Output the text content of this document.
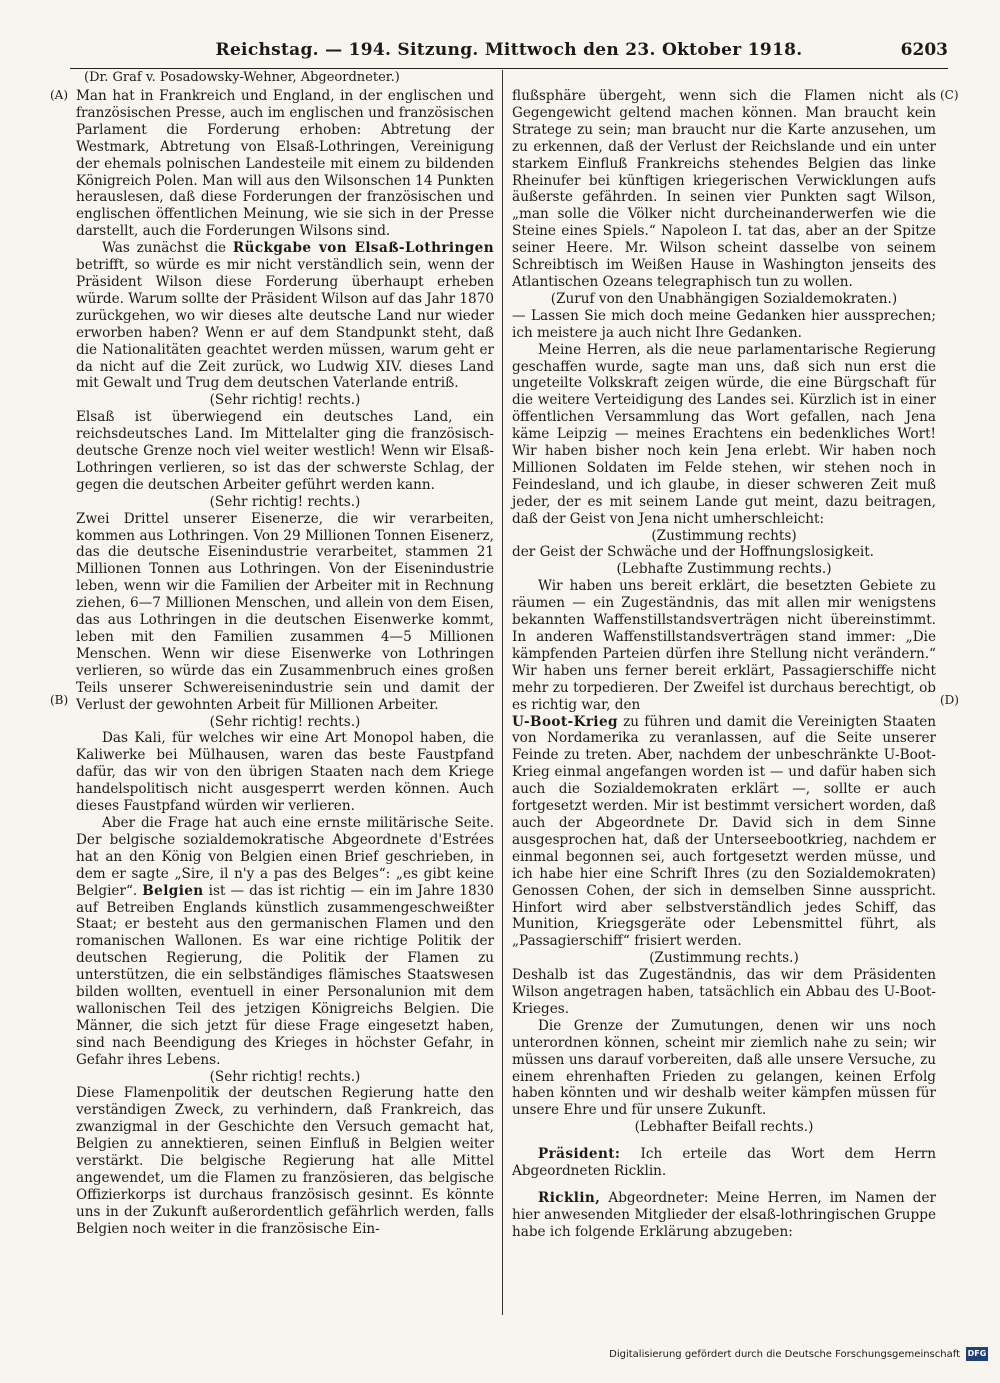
Reichstag. — 194. Sitzung. Mittwoch den 23. Oktober 1918.	6203
(Dr. Graf v. Posadowsky-Wehner, Abgeordneter.)
(A)
(B)
(C)
(D)

Man hat in Frankreich und England, in der englischen und französischen Presse, auch im englischen und französischen Parlament die Forderung erhoben: Abtretung der Westmark, Abtretung von Elsaß-Lothringen, Vereinigung der ehemals polnischen Landesteile mit einem zu bildenden Königreich Polen. Man will aus den Wilsonschen 14 Punkten herauslesen, daß diese Forderungen der französischen und englischen öffentlichen Meinung, wie sie sich in der Presse darstellt, auch die Forderungen Wilsons sind.

Was zunächst die Rückgabe von Elsaß-Lothringen betrifft, so würde es mir nicht verständlich sein, wenn der Präsident Wilson diese Forderung überhaupt erheben würde. Warum sollte der Präsident Wilson auf das Jahr 1870 zurückgehen, wo wir dieses alte deutsche Land nur wieder erworben haben? Wenn er auf dem Standpunkt steht, daß die Nationalitäten geachtet werden müssen, warum geht er da nicht auf die Zeit zurück, wo Ludwig XIV. dieses Land mit Gewalt und Trug dem deutschen Vaterlande entriß.

(Sehr richtig! rechts.)

Elsaß ist überwiegend ein deutsches Land, ein reichsdeutsches Land. Im Mittelalter ging die französisch-deutsche Grenze noch viel weiter westlich! Wenn wir Elsaß-Lothringen verlieren, so ist das der schwerste Schlag, der gegen die deutschen Arbeiter geführt werden kann.

(Sehr richtig! rechts.)

Zwei Drittel unserer Eisenerze, die wir verarbeiten, kommen aus Lothringen. Von 29 Millionen Tonnen Eisenerz, das die deutsche Eisenindustrie verarbeitet, stammen 21 Millionen Tonnen aus Lothringen. Von der Eisenindustrie leben, wenn wir die Familien der Arbeiter mit in Rechnung ziehen, 6—7 Millionen Menschen, und allein von dem Eisen, das aus Lothringen in die deutschen Eisenwerke kommt, leben mit den Familien zusammen 4—5 Millionen Menschen. Wenn wir diese Eisenwerke von Lothringen verlieren, so würde das ein Zusammenbruch eines großen Teils unserer Schwereisenindustrie sein und damit der Verlust der gewohnten Arbeit für Millionen Arbeiter.

(Sehr richtig! rechts.)

Das Kali, für welches wir eine Art Monopol haben, die Kaliwerke bei Mülhausen, waren das beste Faustpfand dafür, das wir von den übrigen Staaten nach dem Kriege handelspolitisch nicht ausgesperrt werden können. Auch dieses Faustpfand würden wir verlieren.

Aber die Frage hat auch eine ernste militärische Seite. Der belgische sozialdemokratische Abgeordnete d'Estrées hat an den König von Belgien einen Brief geschrieben, in dem er sagte „Sire, il n'y a pas des Belges“: „es gibt keine Belgier“. Belgien ist — das ist richtig — ein im Jahre 1830 auf Betreiben Englands künstlich zusammengeschweißter Staat; er besteht aus den germanischen Flamen und den romanischen Wallonen. Es war eine richtige Politik der deutschen Regierung, die Politik der Flamen zu unterstützen, die ein selbständiges flämisches Staatswesen bilden wollten, eventuell in einer Personalunion mit dem wallonischen Teil des jetzigen Königreichs Belgien. Die Männer, die sich jetzt für diese Frage eingesetzt haben, sind nach Beendigung des Krieges in höchster Gefahr, in Gefahr ihres Lebens.

(Sehr richtig! rechts.)

Diese Flamenpolitik der deutschen Regierung hatte den verständigen Zweck, zu verhindern, daß Frankreich, das zwanzigmal in der Geschichte den Versuch gemacht hat, Belgien zu annektieren, seinen Einfluß in Belgien weiter verstärkt. Die belgische Regierung hat alle Mittel angewendet, um die Flamen zu französieren, das belgische Offizierkorps ist durchaus französisch gesinnt. Es könnte uns in der Zukunft außerordentlich gefährlich werden, falls Belgien noch weiter in die französische Ein-

flußsphäre übergeht, wenn sich die Flamen nicht als Gegengewicht geltend machen können. Man braucht kein Stratege zu sein; man braucht nur die Karte anzusehen, um zu erkennen, daß der Verlust der Reichslande und ein unter starkem Einfluß Frankreichs stehendes Belgien das linke Rheinufer bei künftigen kriegerischen Verwicklungen aufs äußerste gefährden. In seinen vier Punkten sagt Wilson, „man solle die Völker nicht durcheinanderwerfen wie die Steine eines Spiels.“ Napoleon I. tat das, aber an der Spitze seiner Heere. Mr. Wilson scheint dasselbe von seinem Schreibtisch im Weißen Hause in Washington jenseits des Atlantischen Ozeans telegraphisch tun zu wollen.

(Zuruf von den Unabhängigen Sozialdemokraten.)

— Lassen Sie mich doch meine Gedanken hier aussprechen; ich meistere ja auch nicht Ihre Gedanken.

Meine Herren, als die neue parlamentarische Regierung geschaffen wurde, sagte man uns, daß sich nun erst die ungeteilte Volkskraft zeigen würde, die eine Bürgschaft für die weitere Verteidigung des Landes sei. Kürzlich ist in einer öffentlichen Versammlung das Wort gefallen, nach Jena käme Leipzig — meines Erachtens ein bedenkliches Wort! Wir haben bisher noch kein Jena erlebt. Wir haben noch Millionen Soldaten im Felde stehen, wir stehen noch in Feindesland, und ich glaube, in dieser schweren Zeit muß jeder, der es mit seinem Lande gut meint, dazu beitragen, daß der Geist von Jena nicht umherschleicht:

(Zustimmung rechts)

der Geist der Schwäche und der Hoffnungslosigkeit.

(Lebhafte Zustimmung rechts.)

Wir haben uns bereit erklärt, die besetzten Gebiete zu räumen — ein Zugeständnis, das mit allen mir wenigstens bekannten Waffenstillstandsverträgen nicht übereinstimmt. In anderen Waffenstillstandsverträgen stand immer: „Die kämpfenden Parteien dürfen ihre Stellung nicht verändern.“ Wir haben uns ferner bereit erklärt, Passagierschiffe nicht mehr zu torpedieren. Der Zweifel ist durchaus berechtigt, ob es richtig war, den

U-Boot-Krieg zu führen und damit die Vereinigten Staaten von Nordamerika zu veranlassen, auf die Seite unserer Feinde zu treten. Aber, nachdem der unbeschränkte U-Boot-Krieg einmal angefangen worden ist — und dafür haben sich auch die Sozialdemokraten erklärt —, sollte er auch fortgesetzt werden. Mir ist bestimmt versichert worden, daß auch der Abgeordnete Dr. David sich in dem Sinne ausgesprochen hat, daß der Unterseebootkrieg, nachdem er einmal begonnen sei, auch fortgesetzt werden müsse, und ich habe hier eine Schrift Ihres (zu den Sozialdemokraten) Genossen Cohen, der sich in demselben Sinne ausspricht. Hinfort wird aber selbstverständlich jedes Schiff, das Munition, Kriegsgeräte oder Lebensmittel führt, als „Passagierschiff“ frisiert werden.

(Zustimmung rechts.)

Deshalb ist das Zugeständnis, das wir dem Präsidenten Wilson angetragen haben, tatsächlich ein Abbau des U-Boot-Krieges.

Die Grenze der Zumutungen, denen wir uns noch unterordnen können, scheint mir ziemlich nahe zu sein; wir müssen uns darauf vorbereiten, daß alle unsere Versuche, zu einem ehrenhaften Frieden zu gelangen, keinen Erfolg haben könnten und wir deshalb weiter kämpfen müssen für unsere Ehre und für unsere Zukunft.

(Lebhafter Beifall rechts.)

Präsident: Ich erteile das Wort dem Herrn Abgeordneten Ricklin.

Ricklin, Abgeordneter: Meine Herren, im Namen der hier anwesenden Mitglieder der elsaß-lothringischen Gruppe habe ich folgende Erklärung abzugeben:

Digitalisierung gefördert durch die Deutsche Forschungsgemeinschaft DFG
